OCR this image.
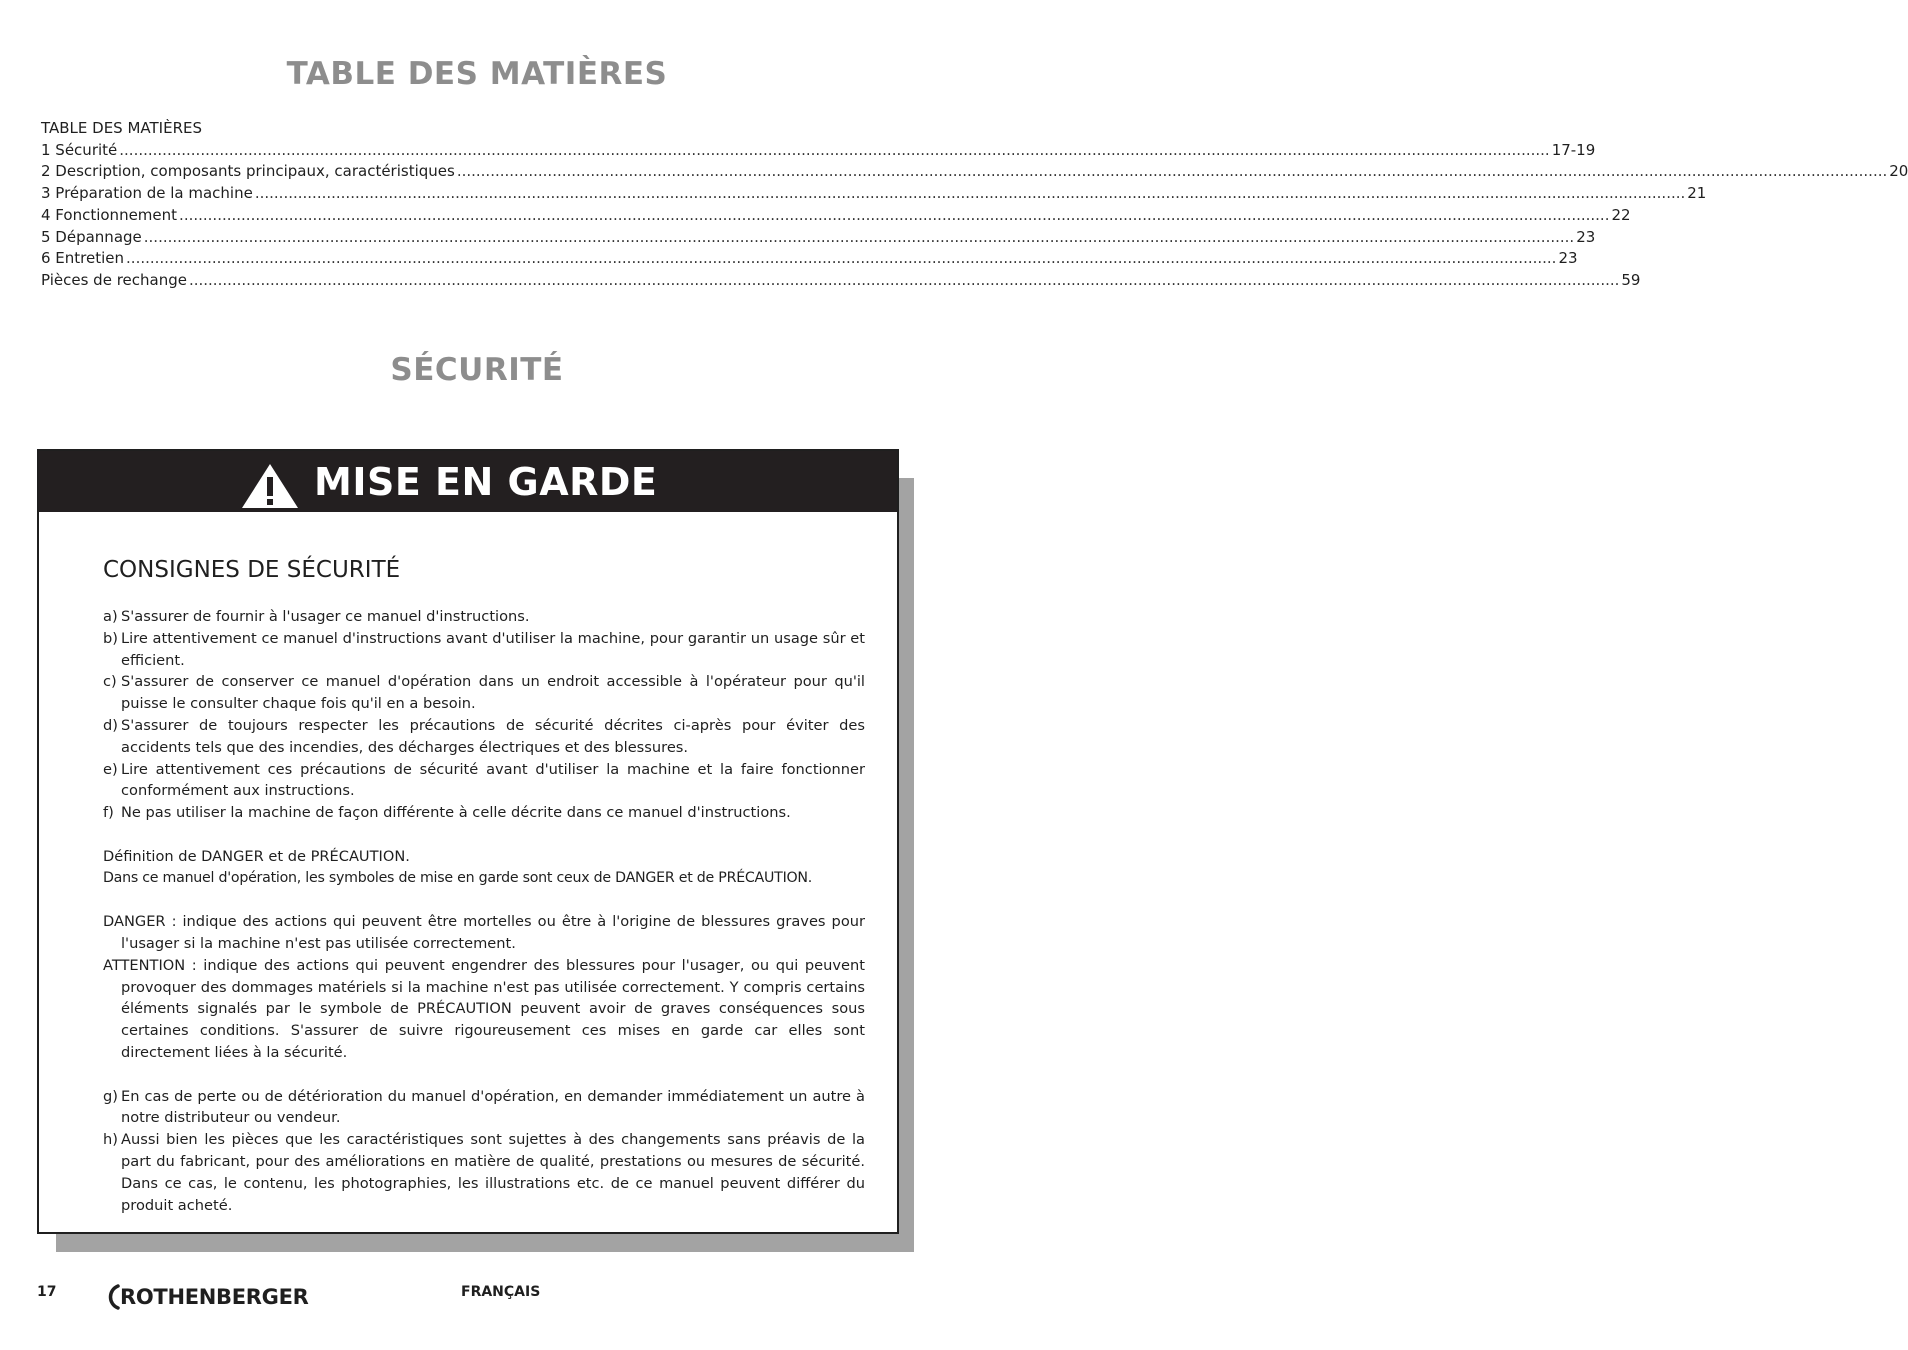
TABLE DES MATIÈRES
TABLE DES MATIÈRES
1 Sécurité ............................................................................................................................................................................................................................................................................................................ 17-19
2 Description, composants principaux, caractéristiques ............................................................................................................................................................................................................................................................................................................ 20
3 Préparation de la machine ............................................................................................................................................................................................................................................................................................................ 21
4 Fonctionnement ............................................................................................................................................................................................................................................................................................................ 22
5 Dépannage ............................................................................................................................................................................................................................................................................................................ 23
6 Entretien ............................................................................................................................................................................................................................................................................................................ 23
Pièces de rechange ............................................................................................................................................................................................................................................................................................................ 59
SÉCURITÉ
MISE EN GARDE
CONSIGNES DE SÉCURITÉ
a) S'assurer de fournir à l'usager ce manuel d'instructions.
b) Lire attentivement ce manuel d'instructions avant d'utiliser la machine, pour garantir un usage sûr et efficient.
c) S'assurer de conserver ce manuel d'opération dans un endroit accessible à l'opérateur pour qu'il puisse le consulter chaque fois qu'il en a besoin.
d) S'assurer de toujours respecter les précautions de sécurité décrites ci-après pour éviter des accidents tels que des incendies, des décharges électriques et des blessures.
e) Lire attentivement ces précautions de sécurité avant d'utiliser la machine et la faire fonctionner conformément aux instructions.
f) Ne pas utiliser la machine de façon différente à celle décrite dans ce manuel d'instructions.

Définition de DANGER et de PRÉCAUTION.

Dans ce manuel d'opération, les symboles de mise en garde sont ceux de DANGER et de PRÉCAUTION.

DANGER : indique des actions qui peuvent être mortelles ou être à l'origine de blessures graves pour l'usager si la machine n'est pas utilisée correctement.

ATTENTION : indique des actions qui peuvent engendrer des blessures pour l'usager, ou qui peuvent provoquer des dommages matériels si la machine n'est pas utilisée correctement. Y compris certains éléments signalés par le symbole de PRÉCAUTION peuvent avoir de graves conséquences sous certaines conditions. S'assurer de suivre rigoureusement ces mises en garde car elles sont directement liées à la sécurité.

g) En cas de perte ou de détérioration du manuel d'opération, en demander immédiatement un autre à notre distributeur ou vendeur.
h) Aussi bien les pièces que les caractéristiques sont sujettes à des changements sans préavis de la part du fabricant, pour des améliorations en matière de qualité, prestations ou mesures de sécurité. Dans ce cas, le contenu, les photographies, les illustrations etc. de ce manuel peuvent différer du produit acheté.
17	ROTHENBERGER	FRANÇAIS
